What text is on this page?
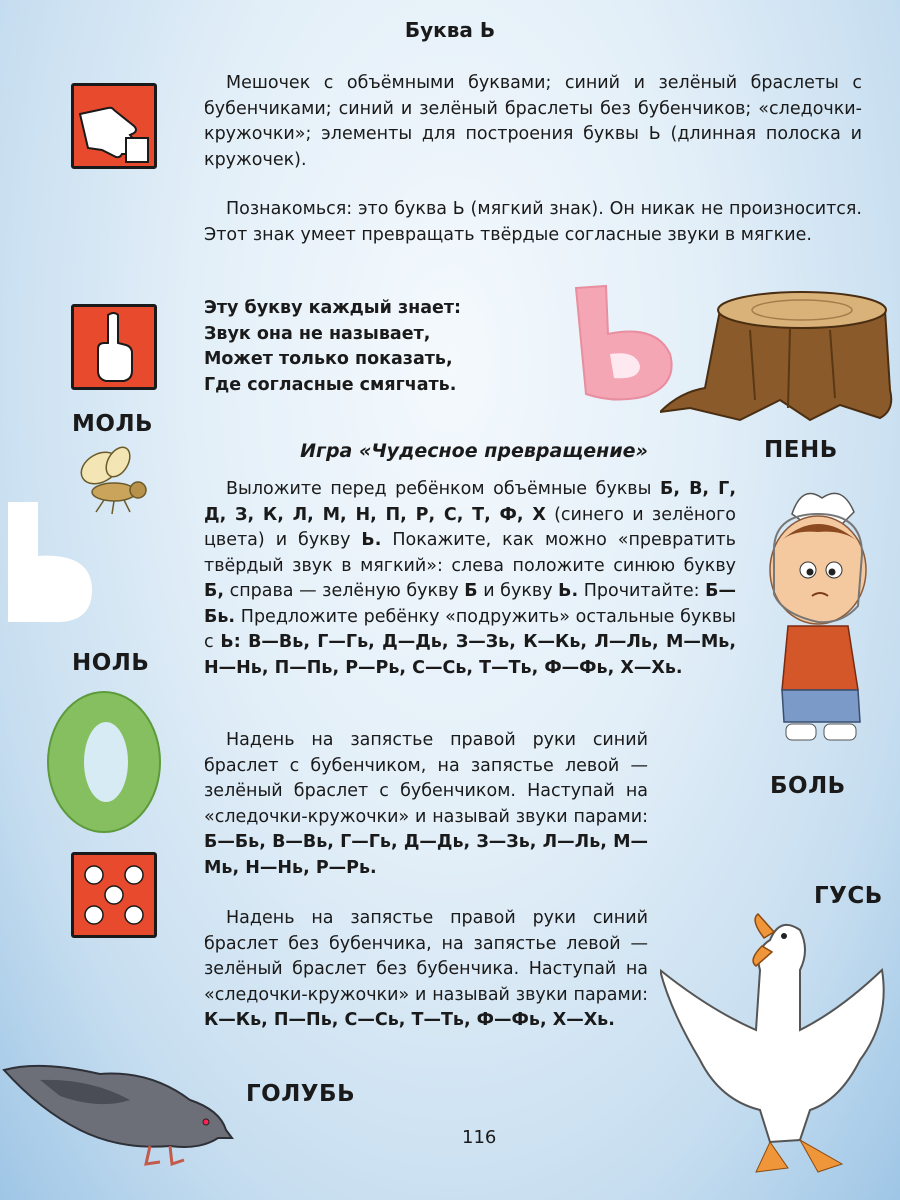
Буква Ь
Мешочек с объёмными буквами; синий и зелёный браслеты с бубенчиками; синий и зелёный браслеты без бубенчиков; «следочки-кружочки»; элементы для построения буквы Ь (длинная полоска и кружочек).
Познакомься: это буква Ь (мягкий знак). Он никак не произносится. Этот знак умеет превращать твёрдые согласные звуки в мягкие.
Эту букву каждый знает:
Звук она не называет,
Может только показать,
Где согласные смягчать.
МОЛЬ
ПЕНЬ
Игра «Чудесное превращение»
Выложите перед ребёнком объёмные буквы Б, В, Г, Д, З, К, Л, М, Н, П, Р, С, Т, Ф, Х (синего и зелёного цвета) и букву Ь. Покажите, как можно «превратить твёрдый звук в мягкий»: слева положите синюю букву Б, справа — зелёную букву Б и букву Ь. Прочитайте: Б—Бь. Предложите ребёнку «подружить» остальные буквы с Ь: В—Вь, Г—Гь, Д—Дь, З—Зь, К—Кь, Л—Ль, М—Мь, Н—Нь, П—Пь, Р—Рь, С—Сь, Т—Ть, Ф—Фь, Х—Хь.
НОЛЬ
Надень на запястье правой руки синий браслет с бубенчиком, на запястье левой — зелёный браслет с бубенчиком. Наступай на «следочки-кружочки» и называй звуки парами: Б—Бь, В—Вь, Г—Гь, Д—Дь, З—Зь, Л—Ль, М—Мь, Н—Нь, Р—Рь.
БОЛЬ
ГУСЬ
Надень на запястье правой руки синий браслет без бубенчика, на запястье левой — зелёный браслет без бубенчика. Наступай на «следочки-кружочки» и называй звуки парами: К—Кь, П—Пь, С—Сь, Т—Ть, Ф—Фь, Х—Хь.
ГОЛУБЬ
116
